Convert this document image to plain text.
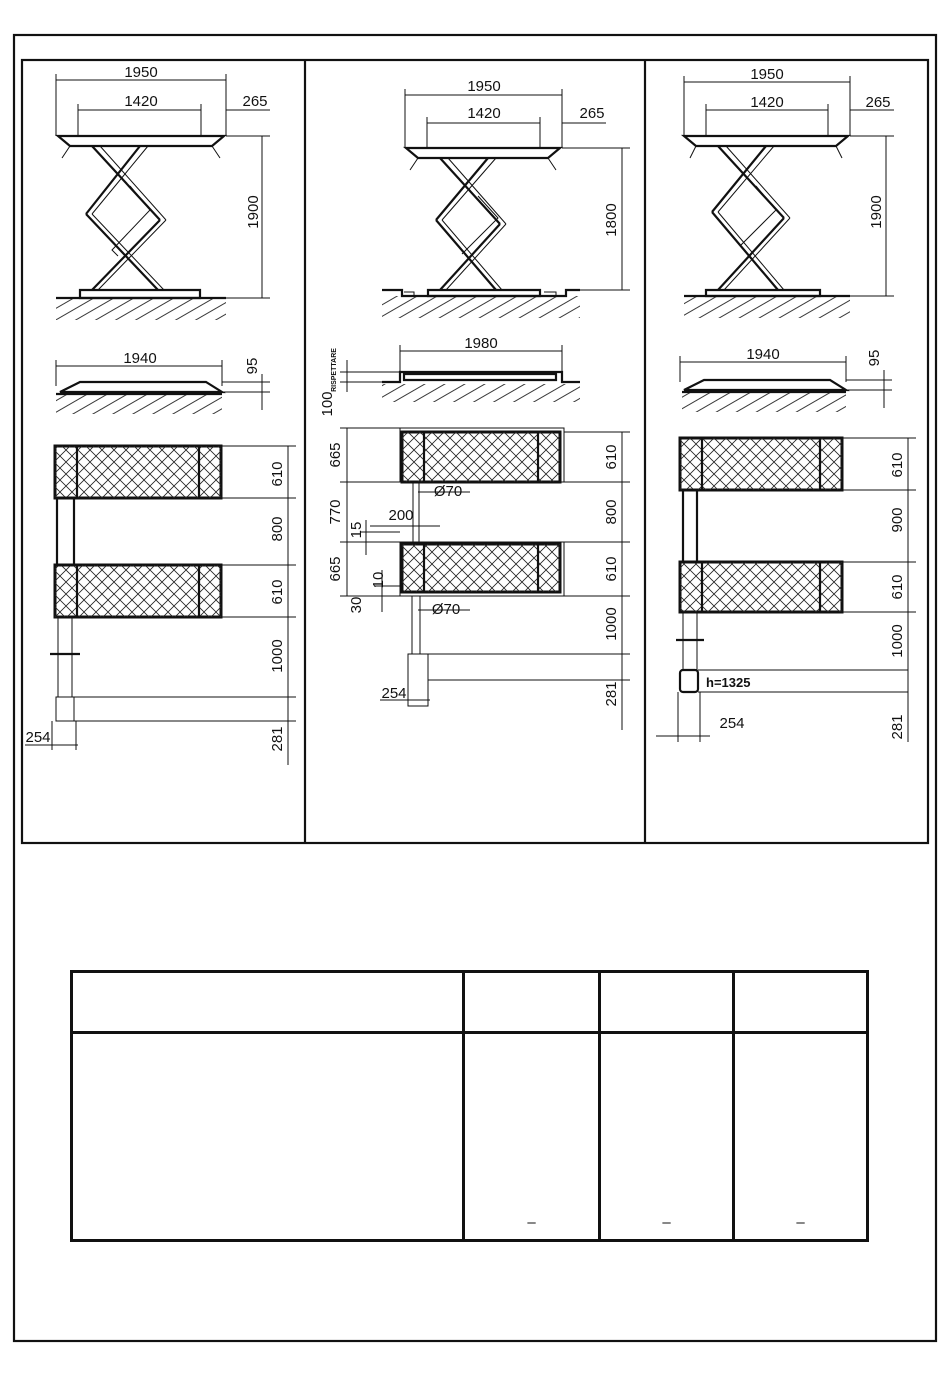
1950
1420	265
1900
1940	95
610
800
610
1000
281
254
1950
1420	265
1800
1980
100
RISPETTARE
665
770
665
15
10
30
200
Ø70
Ø70
254
610
800
610
1000
281
1950
1420	265
1900
1940	95
h=1325
610
900
610
1000
281
254

	–	–	–
